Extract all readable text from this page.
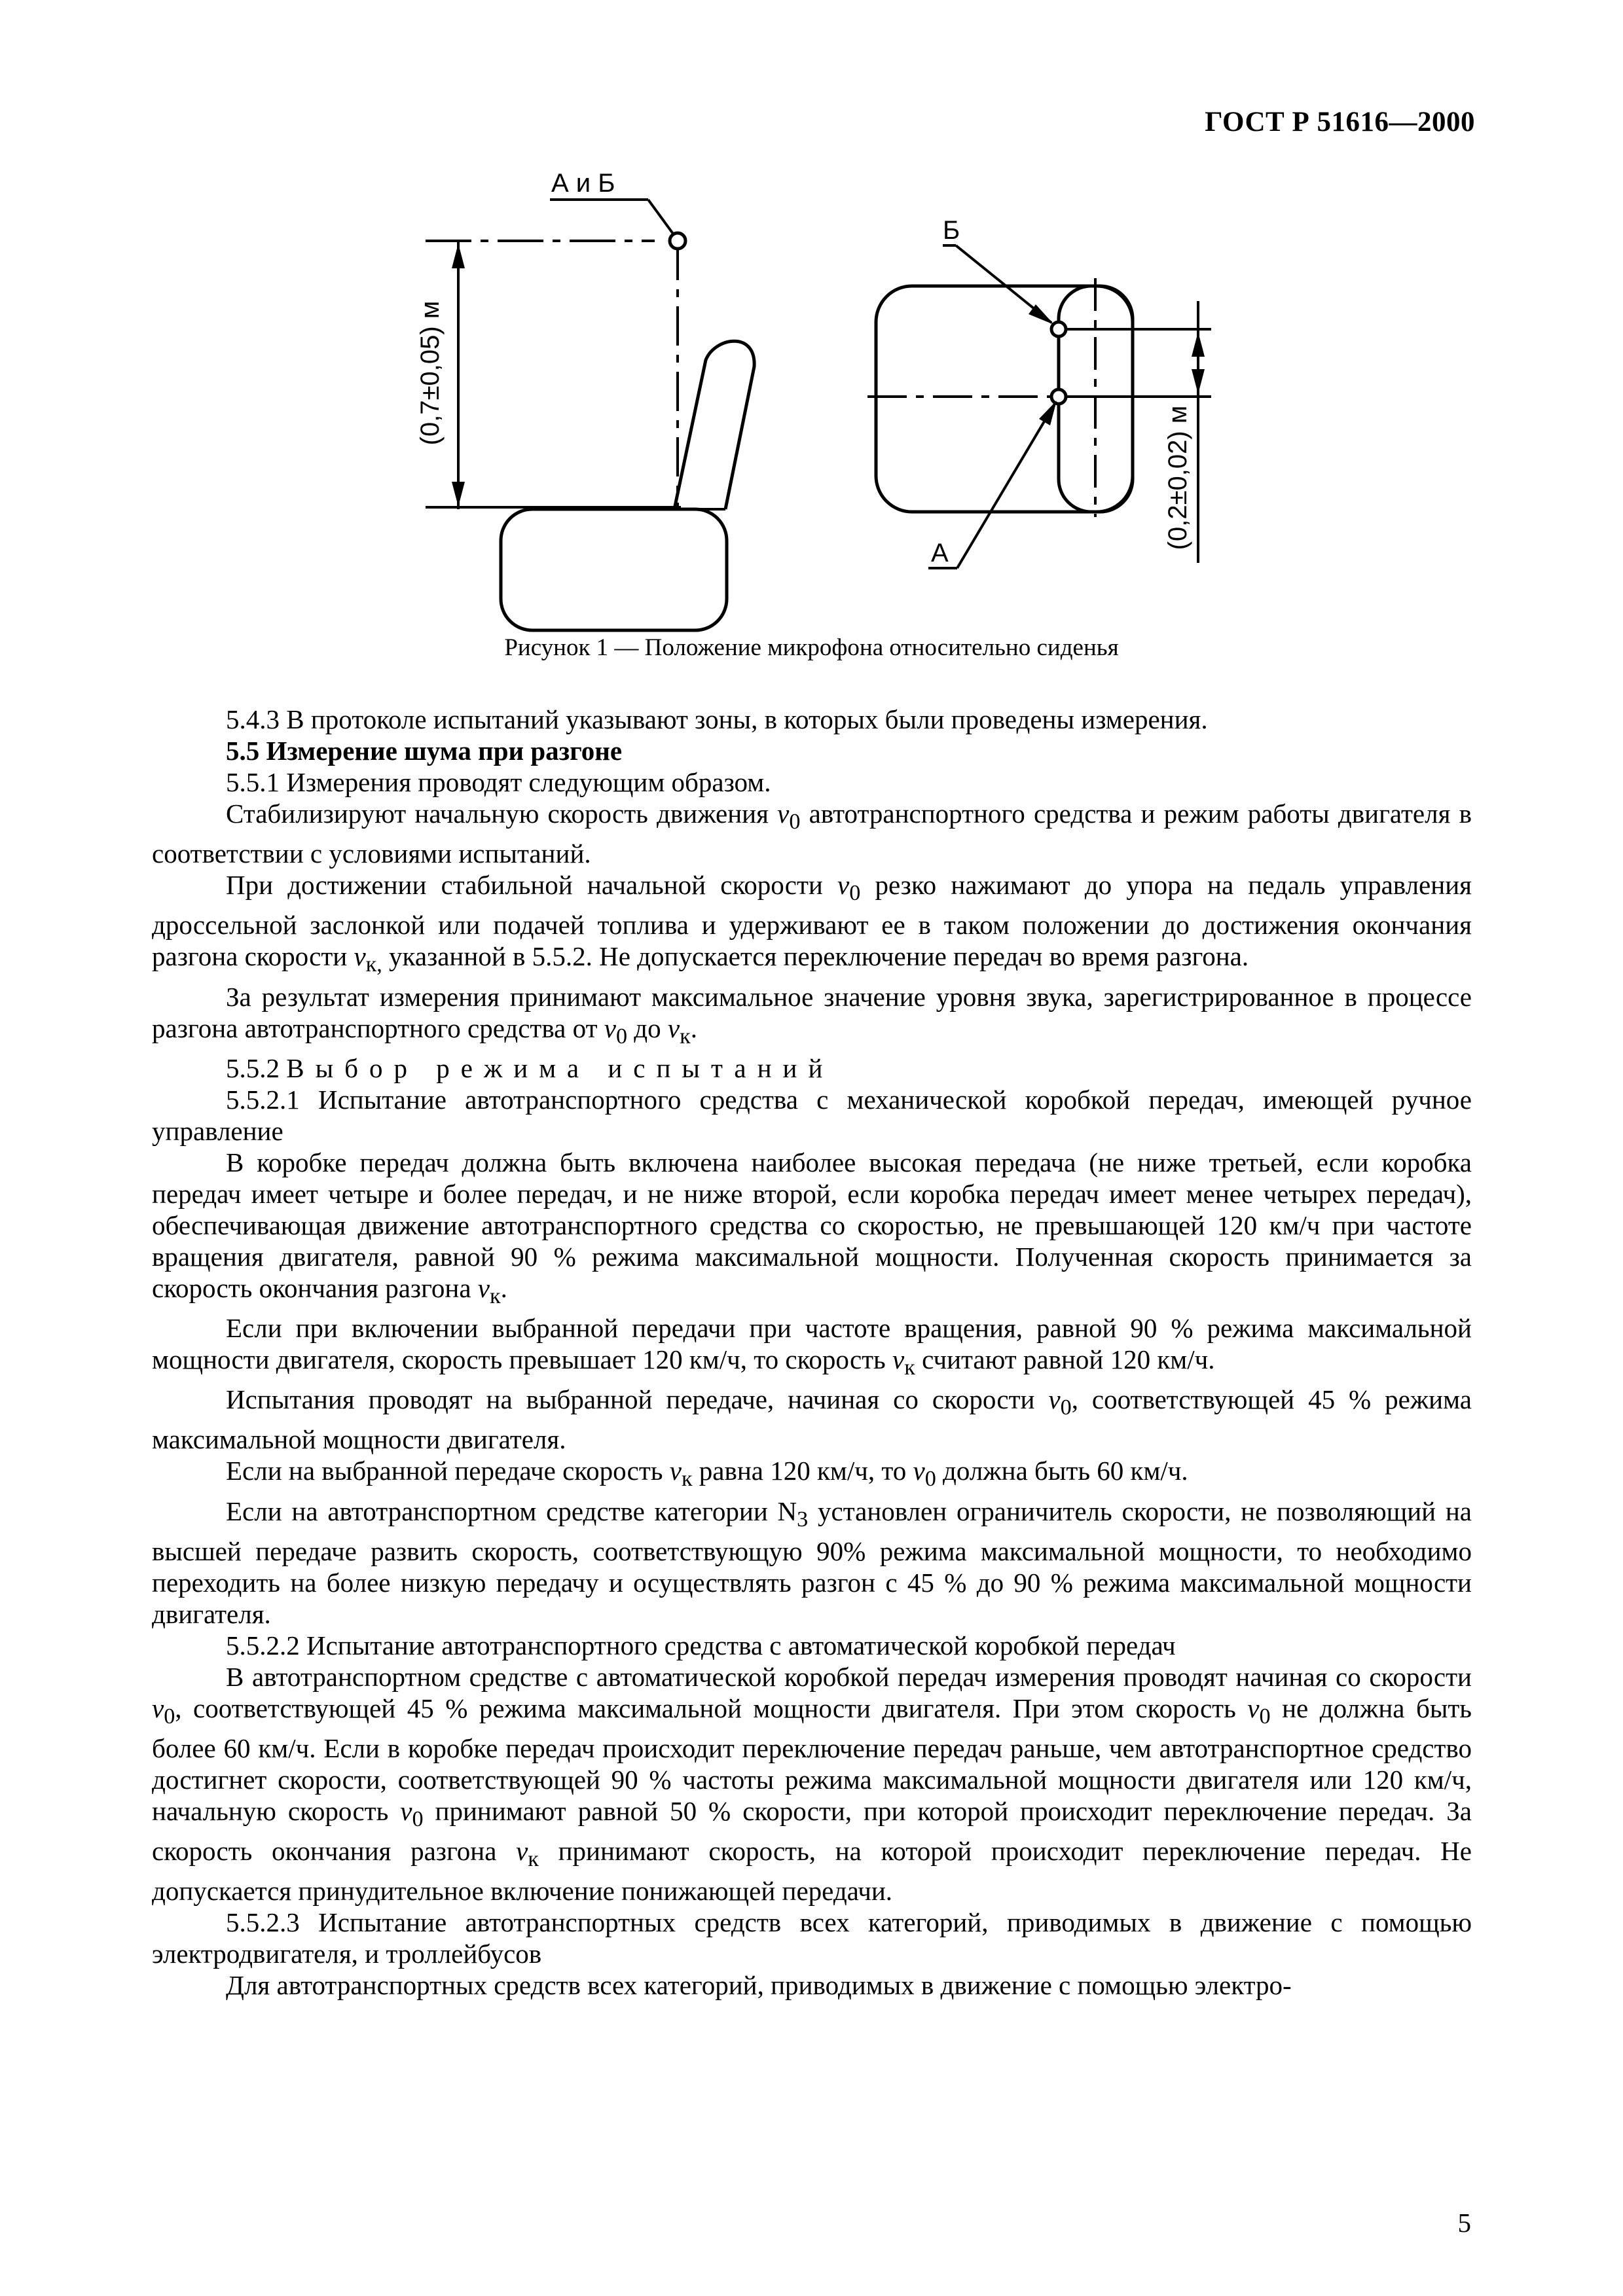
ГОСТ Р 51616—2000
А и Б
Б
А
(0,7±0,05) м
(0,2±0,02) м
Рисунок 1 — Положение микрофона относительно сиденья

5.4.3 В протоколе испытаний указывают зоны, в которых были проведены измерения.

5.5 Измерение шума при разгоне

5.5.1 Измерения проводят следующим образом.

Стабилизируют начальную скорость движения $v_0$ автотранспортного средства и режим работы двигателя в соответствии с условиями испытаний.

При достижении стабильной начальной скорости $v_0$ резко нажимают до упора на педаль управления дроссельной заслонкой или подачей топлива и удерживают ее в таком положении до достижения окончания разгона скорости $v_{к,}$ указанной в 5.5.2. Не допускается переключение передач во время разгона.

За результат измерения принимают максимальное значение уровня звука, зарегистрированное в процессе разгона автотранспортного средства от $v_0$ до $v_к$.

5.5.2 Выбор режима испытаний

5.5.2.1 Испытание автотранспортного средства с механической коробкой передач, имеющей ручное управление

В коробке передач должна быть включена наиболее высокая передача (не ниже третьей, если коробка передач имеет четыре и более передач, и не ниже второй, если коробка передач имеет менее четырех передач), обеспечивающая движение автотранспортного средства со скоростью, не превышающей 120 км/ч при частоте вращения двигателя, равной 90 % режима максимальной мощности. Полученная скорость принимается за скорость окончания разгона $v_к$.

Если при включении выбранной передачи при частоте вращения, равной 90 % режима максимальной мощности двигателя, скорость превышает 120 км/ч, то скорость $v_к$ считают равной 120 км/ч.

Испытания проводят на выбранной передаче, начиная со скорости $v_0$, соответствующей 45 % режима максимальной мощности двигателя.

Если на выбранной передаче скорость $v_к$ равна 120 км/ч, то $v_0$ должна быть 60 км/ч.

Если на автотранспортном средстве категории $N_3$ установлен ограничитель скорости, не позволяющий на высшей передаче развить скорость, соответствующую 90% режима максимальной мощности, то необходимо переходить на более низкую передачу и осуществлять разгон с 45 % до 90 % режима максимальной мощности двигателя.

5.5.2.2 Испытание автотранспортного средства с автоматической коробкой передач

В автотранспортном средстве с автоматической коробкой передач измерения проводят начиная со скорости $v_0$, соответствующей 45 % режима максимальной мощности двигателя. При этом скорость $v_0$ не должна быть более 60 км/ч. Если в коробке передач происходит переключение передач раньше, чем автотранспортное средство достигнет скорости, соответствующей 90 % частоты режима максимальной мощности двигателя или 120 км/ч, начальную скорость $v_0$ принимают равной 50 % скорости, при которой происходит переключение передач. За скорость окончания разгона $v_к$ принимают скорость, на которой происходит переключение передач. Не допускается принудительное включение понижающей передачи.

5.5.2.3 Испытание автотранспортных средств всех категорий, приводимых в движение с помощью электродвигателя, и троллейбусов

Для автотранспортных средств всех категорий, приводимых в движение с помощью электро-

5
